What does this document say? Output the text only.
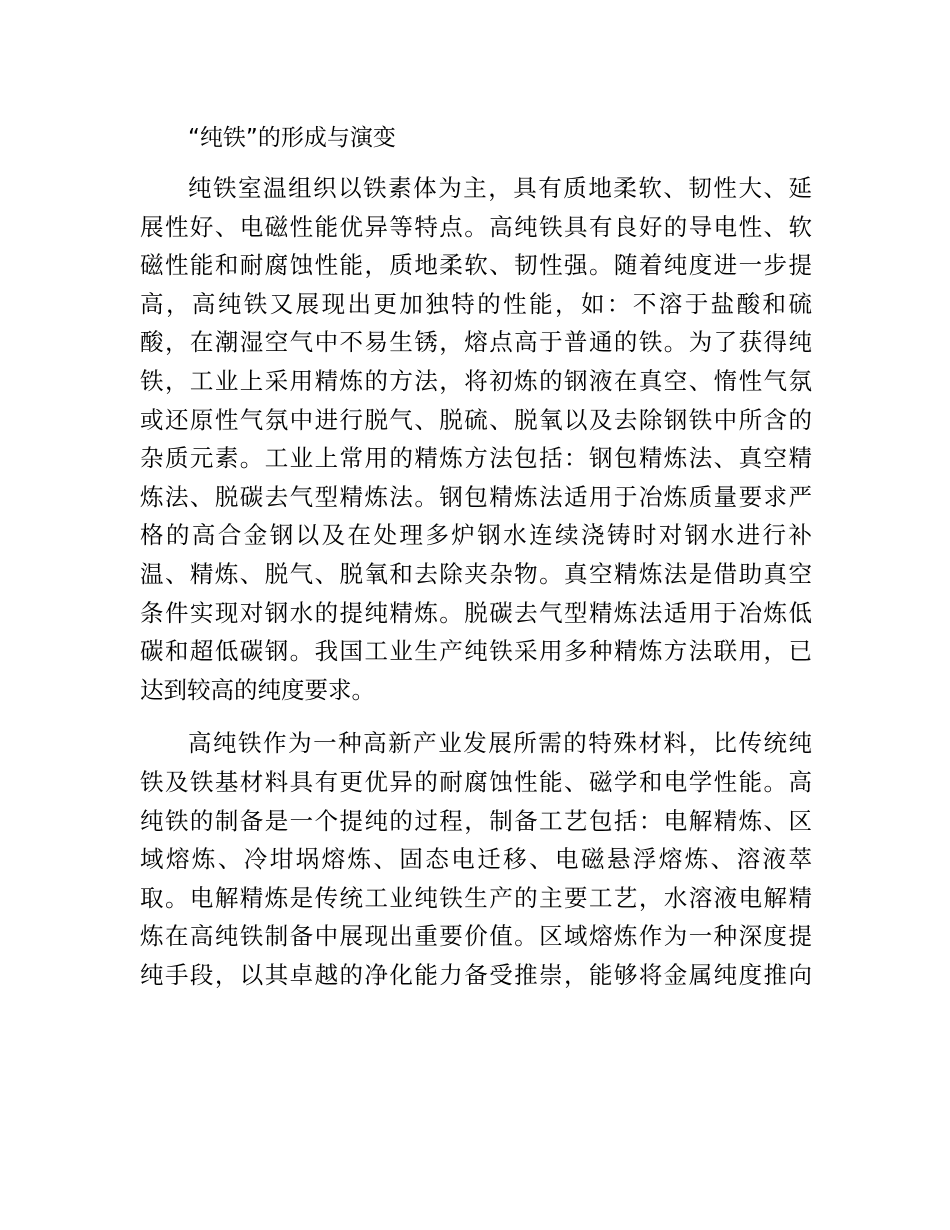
“纯铁”的形成与演变
纯铁室温组织以铁素体为主，具有质地柔软、韧性大、延
展性好、电磁性能优异等特点。高纯铁具有良好的导电性、软
磁性能和耐腐蚀性能，质地柔软、韧性强。随着纯度进一步提
高，高纯铁又展现出更加独特的性能，如：不溶于盐酸和硫
酸，在潮湿空气中不易生锈，熔点高于普通的铁。为了获得纯
铁，工业上采用精炼的方法，将初炼的钢液在真空、惰性气氛
或还原性气氛中进行脱气、脱硫、脱氧以及去除钢铁中所含的
杂质元素。工业上常用的精炼方法包括：钢包精炼法、真空精
炼法、脱碳去气型精炼法。钢包精炼法适用于冶炼质量要求严
格的高合金钢以及在处理多炉钢水连续浇铸时对钢水进行补
温、精炼、脱气、脱氧和去除夹杂物。真空精炼法是借助真空
条件实现对钢水的提纯精炼。脱碳去气型精炼法适用于冶炼低
碳和超低碳钢。我国工业生产纯铁采用多种精炼方法联用，已
达到较高的纯度要求。
高纯铁作为一种高新产业发展所需的特殊材料，比传统纯
铁及铁基材料具有更优异的耐腐蚀性能、磁学和电学性能。高
纯铁的制备是一个提纯的过程，制备工艺包括：电解精炼、区
域熔炼、冷坩埚熔炼、固态电迁移、电磁悬浮熔炼、溶液萃
取。电解精炼是传统工业纯铁生产的主要工艺，水溶液电解精
炼在高纯铁制备中展现出重要价值。区域熔炼作为一种深度提
纯手段，以其卓越的净化能力备受推崇，能够将金属纯度推向
